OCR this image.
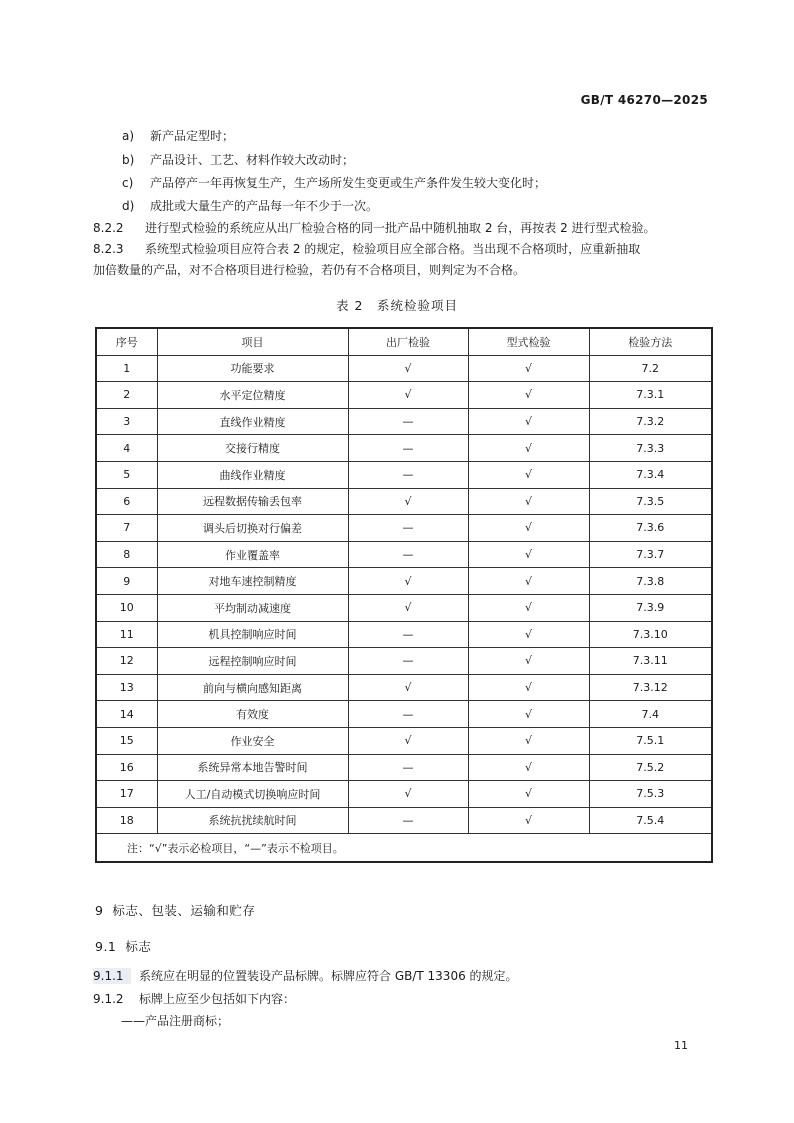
GB/T 46270—2025
a) 新产品定型时；
b) 产品设计、工艺、材料作较大改动时；
c) 产品停产一年再恢复生产，生产场所发生变更或生产条件发生较大变化时；
d) 成批或大量生产的产品每一年不少于一次。
8.2.2 进行型式检验的系统应从出厂检验合格的同一批产品中随机抽取 2 台，再按表 2 进行型式检验。
8.2.3 系统型式检验项目应符合表 2 的规定，检验项目应全部合格。当出现不合格项时，应重新抽取
加倍数量的产品，对不合格项目进行检验，若仍有不合格项目，则判定为不合格。
表 2　系统检验项目
序号	项目	出厂检验	型式检验	检验方法
1	功能要求	√	√	7.2
2	水平定位精度	√	√	7.3.1
3	直线作业精度	—	√	7.3.2
4	交接行精度	—	√	7.3.3
5	曲线作业精度	—	√	7.3.4
6	远程数据传输丢包率	√	√	7.3.5
7	调头后切换对行偏差	—	√	7.3.6
8	作业覆盖率	—	√	7.3.7
9	对地车速控制精度	√	√	7.3.8
10	平均制动减速度	√	√	7.3.9
11	机具控制响应时间	—	√	7.3.10
12	远程控制响应时间	—	√	7.3.11
13	前向与横向感知距离	√	√	7.3.12
14	有效度	—	√	7.4
15	作业安全	√	√	7.5.1
16	系统异常本地告警时间	—	√	7.5.2
17	人工/自动模式切换响应时间	√	√	7.5.3
18	系统抗扰续航时间	—	√	7.5.4
注：“√”表示必检项目，“—”表示不检项目。				
9 标志、包装、运输和贮存
9.1 标志
9.1.1 系统应在明显的位置装设产品标牌。标牌应符合 GB/T 13306 的规定。
9.1.2 标牌上应至少包括如下内容：
——产品注册商标；
11
